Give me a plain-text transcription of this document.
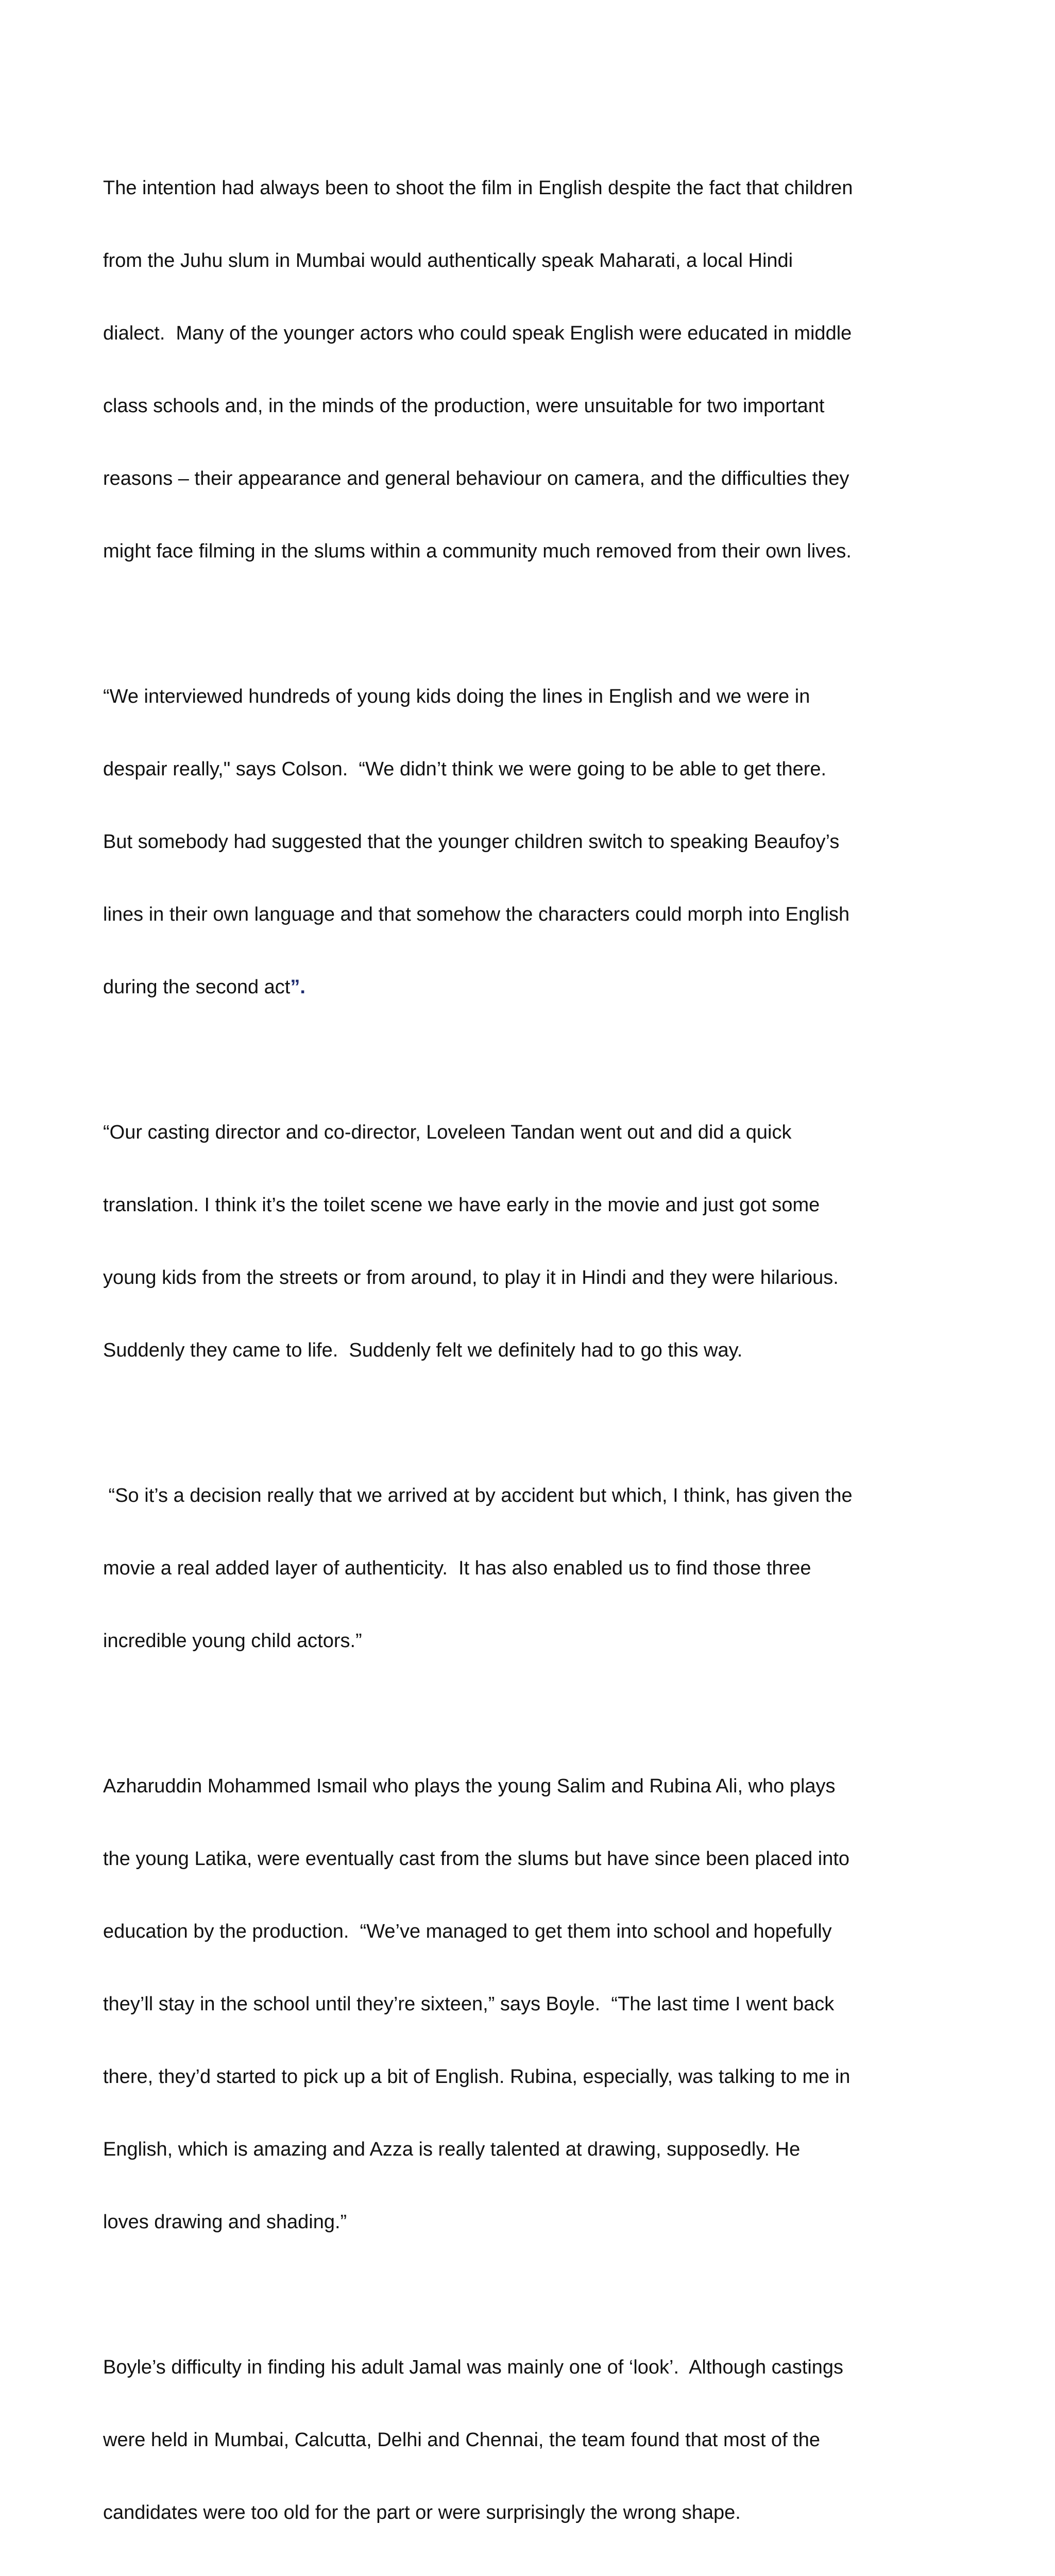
The intention had always been to shoot the film in English despite the fact that children

from the Juhu slum in Mumbai would authentically speak Maharati, a local Hindi

dialect.  Many of the younger actors who could speak English were educated in middle

class schools and, in the minds of the production, were unsuitable for two important

reasons – their appearance and general behaviour on camera, and the difficulties they

might face filming in the slums within a community much removed from their own lives.

“We interviewed hundreds of young kids doing the lines in English and we were in

despair really," says Colson.  “We didn’t think we were going to be able to get there.

But somebody had suggested that the younger children switch to speaking Beaufoy’s

lines in their own language and that somehow the characters could morph into English

during the second act”.

“Our casting director and co-director, Loveleen Tandan went out and did a quick

translation. I think it’s the toilet scene we have early in the movie and just got some

young kids from the streets or from around, to play it in Hindi and they were hilarious.

Suddenly they came to life.  Suddenly felt we definitely had to go this way.

“So it’s a decision really that we arrived at by accident but which, I think, has given the

movie a real added layer of authenticity.  It has also enabled us to find those three

incredible young child actors.”

Azharuddin Mohammed Ismail who plays the young Salim and Rubina Ali, who plays

the young Latika, were eventually cast from the slums but have since been placed into

education by the production.  “We’ve managed to get them into school and hopefully

they’ll stay in the school until they’re sixteen,” says Boyle.  “The last time I went back

there, they’d started to pick up a bit of English. Rubina, especially, was talking to me in

English, which is amazing and Azza is really talented at drawing, supposedly. He

loves drawing and shading.”

Boyle’s difficulty in finding his adult Jamal was mainly one of ‘look’.  Although castings

were held in Mumbai, Calcutta, Delhi and Chennai, the team found that most of the

candidates were too old for the part or were surprisingly the wrong shape.
